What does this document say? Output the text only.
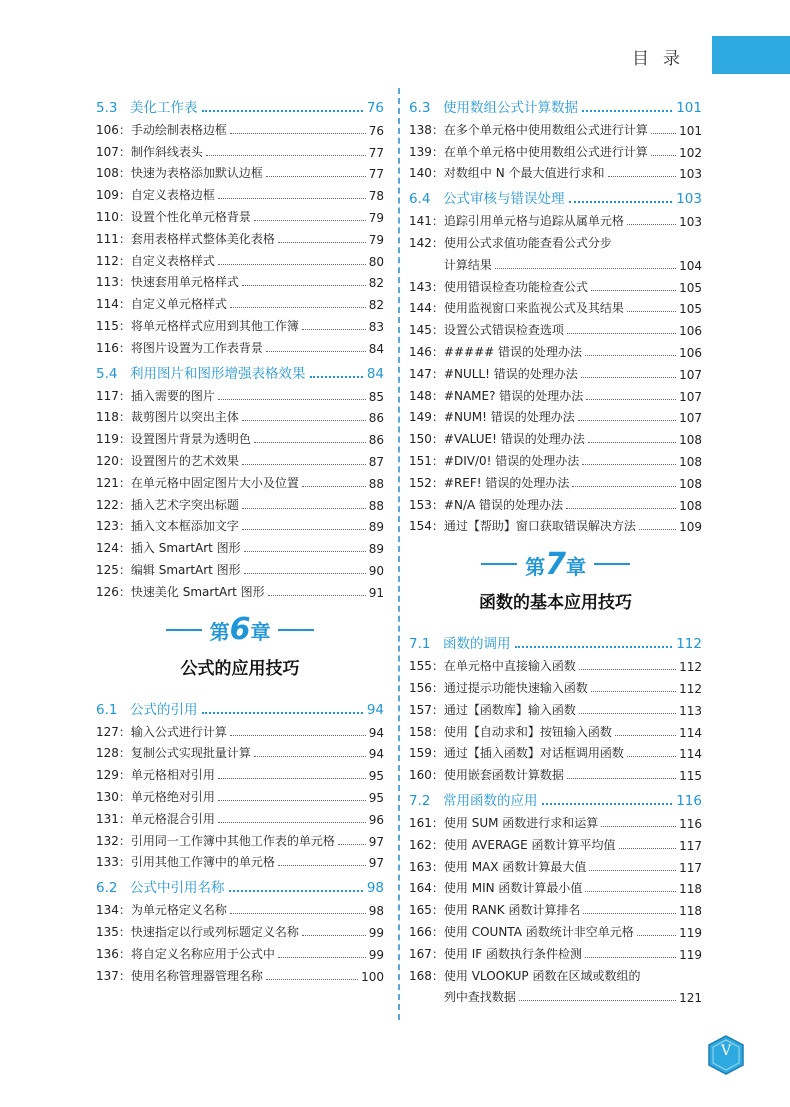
目录
5.3 美化工作表	76
106： 手动绘制表格边框	76
107： 制作斜线表头	77
108： 快速为表格添加默认边框	77
109： 自定义表格边框	78
110： 设置个性化单元格背景	79
111： 套用表格样式整体美化表格	79
112： 自定义表格样式	80
113： 快速套用单元格样式	82
114： 自定义单元格样式	82
115： 将单元格样式应用到其他工作簿	83
116： 将图片设置为工作表背景	84
5.4 利用图片和图形增强表格效果	84
117： 插入需要的图片	85
118： 裁剪图片以突出主体	86
119： 设置图片背景为透明色	86
120： 设置图片的艺术效果	87
121： 在单元格中固定图片大小及位置	88
122： 插入艺术字突出标题	88
123： 插入文本框添加文字	89
124： 插入 SmartArt 图形	89
125： 编辑 SmartArt 图形	90
126： 快速美化 SmartArt 图形	91
第6章
公式的应用技巧
6.1 公式的引用	94
127： 输入公式进行计算	94
128： 复制公式实现批量计算	94
129： 单元格相对引用	95
130： 单元格绝对引用	95
131： 单元格混合引用	96
132： 引用同一工作簿中其他工作表的单元格	97
133： 引用其他工作簿中的单元格	97
6.2 公式中引用名称	98
134： 为单元格定义名称	98
135： 快速指定以行或列标题定义名称	99
136： 将自定义名称应用于公式中	99
137： 使用名称管理器管理名称	100
6.3 使用数组公式计算数据	101
138： 在多个单元格中使用数组公式进行计算	101
139： 在单个单元格中使用数组公式进行计算	102
140： 对数组中 N 个最大值进行求和	103
6.4 公式审核与错误处理	103
141： 追踪引用单元格与追踪从属单元格	103
142： 使用公式求值功能查看公式分步
计算结果	104
143： 使用错误检查功能检查公式	105
144： 使用监视窗口来监视公式及其结果	105
145： 设置公式错误检查选项	106
146： ##### 错误的处理办法	106
147： #NULL! 错误的处理办法	107
148： #NAME? 错误的处理办法	107
149： #NUM! 错误的处理办法	107
150： #VALUE! 错误的处理办法	108
151： #DIV/0! 错误的处理办法	108
152： #REF! 错误的处理办法	108
153： #N/A 错误的处理办法	108
154： 通过【帮助】窗口获取错误解决方法	109
第7章
函数的基本应用技巧
7.1 函数的调用	112
155： 在单元格中直接输入函数	112
156： 通过提示功能快速输入函数	112
157： 通过【函数库】输入函数	113
158： 使用【自动求和】按钮输入函数	114
159： 通过【插入函数】对话框调用函数	114
160： 使用嵌套函数计算数据	115
7.2 常用函数的应用	116
161： 使用 SUM 函数进行求和运算	116
162： 使用 AVERAGE 函数计算平均值	117
163： 使用 MAX 函数计算最大值	117
164： 使用 MIN 函数计算最小值	118
165： 使用 RANK 函数计算排名	118
166： 使用 COUNTA 函数统计非空单元格	119
167： 使用 IF 函数执行条件检测	119
168： 使用 VLOOKUP 函数在区域或数组的
列中查找数据	121
V
